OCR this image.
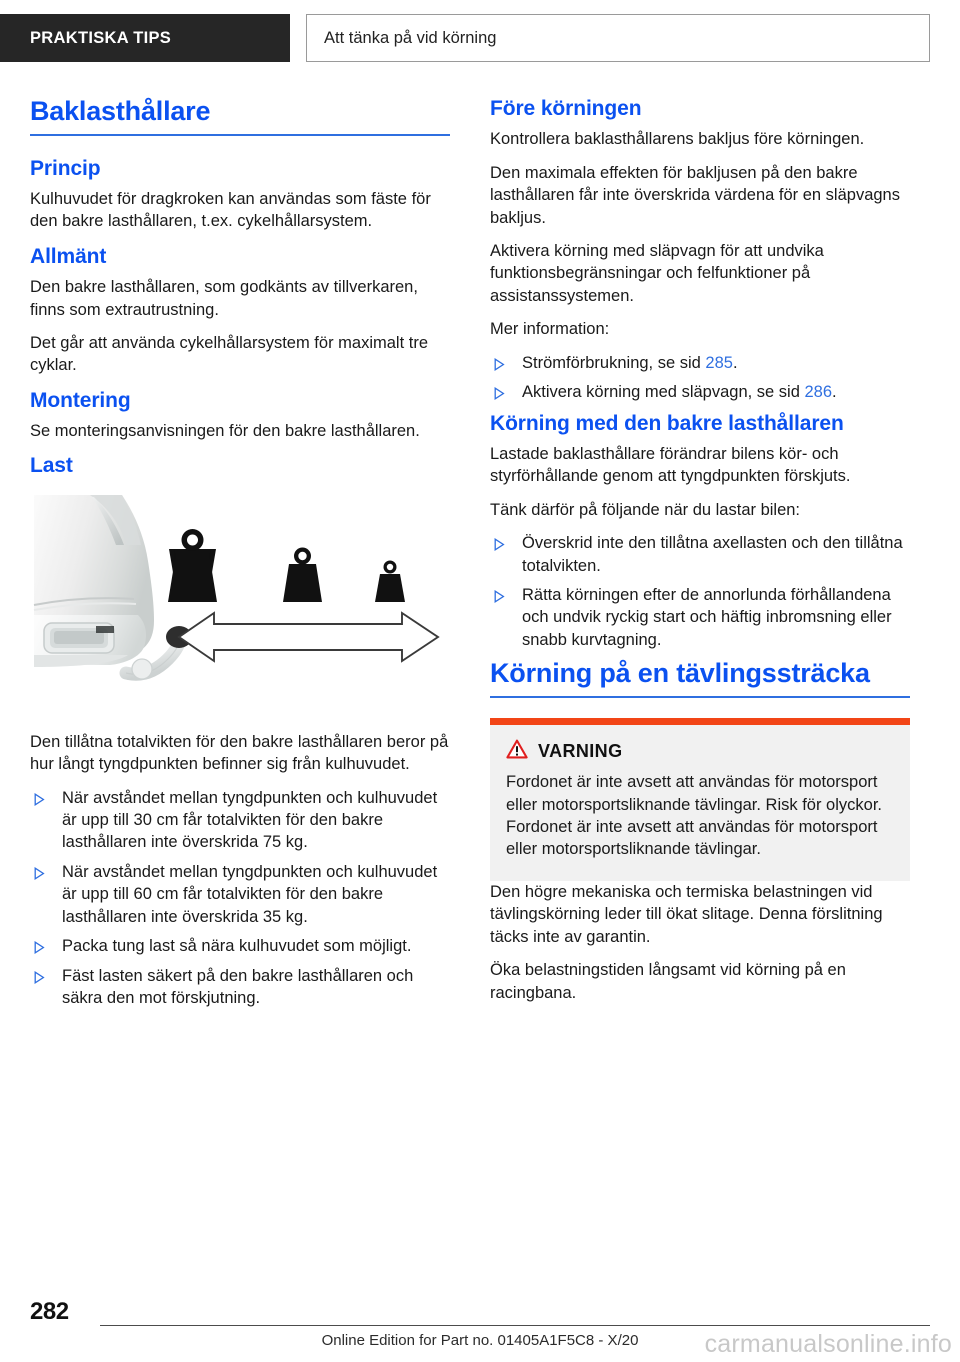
PRAKTISKA TIPS	Att tänka på vid körning
Baklasthållare
Princip

Kulhuvudet för dragkroken kan användas som fäste för den bakre lasthållaren, t.ex. cykelhållarsystem.

Allmänt

Den bakre lasthållaren, som godkänts av tillverkaren, finns som extrautrustning.

Det går att använda cykelhållarsystem för maximalt tre cyklar.

Montering

Se monteringsanvisningen för den bakre lasthållaren.

Last

Den tillåtna totalvikten för den bakre lasthållaren beror på hur långt tyngdpunkten befinner sig från kulhuvudet.

När avståndet mellan tyngdpunkten och kulhuvudet är upp till 30 cm får totalvikten för den bakre lasthållaren inte överskrida 75 kg.
När avståndet mellan tyngdpunkten och kulhuvudet är upp till 60 cm får totalvikten för den bakre lasthållaren inte överskrida 35 kg.
Packa tung last så nära kulhuvudet som möjligt.
Fäst lasten säkert på den bakre lasthållaren och säkra den mot förskjutning.
Före körningen

Kontrollera baklasthållarens bakljus före körningen.

Den maximala effekten för bakljusen på den bakre lasthållaren får inte överskrida värdena för en släpvagns bakljus.

Aktivera körning med släpvagn för att undvika funktionsbegränsningar och felfunktioner på assistanssystemen.

Mer information:

Strömförbrukning, se sid 285.
Aktivera körning med släpvagn, se sid 286.
Körning med den bakre lasthållaren

Lastade baklasthållare förändrar bilens kör- och styrförhållande genom att tyngdpunkten förskjuts.

Tänk därför på följande när du lastar bilen:

Överskrid inte den tillåtna axellasten och den tillåtna totalvikten.
Rätta körningen efter de annorlunda förhållandena och undvik ryckig start och häftig inbromsning eller snabb kurvtagning.
Körning på en tävlingssträcka
VARNING

Fordonet är inte avsett att användas för motorsport eller motorsportsliknande tävlingar. Risk för olyckor. Fordonet är inte avsett att användas för motorsport eller motorsportsliknande tävlingar.

Den högre mekaniska och termiska belastningen vid tävlingskörning leder till ökat slitage. Denna förslitning täcks inte av garantin.

Öka belastningstiden långsamt vid körning på en racingbana.

282
Online Edition for Part no. 01405A1F5C8 - X/20	carmanualsonline.info
